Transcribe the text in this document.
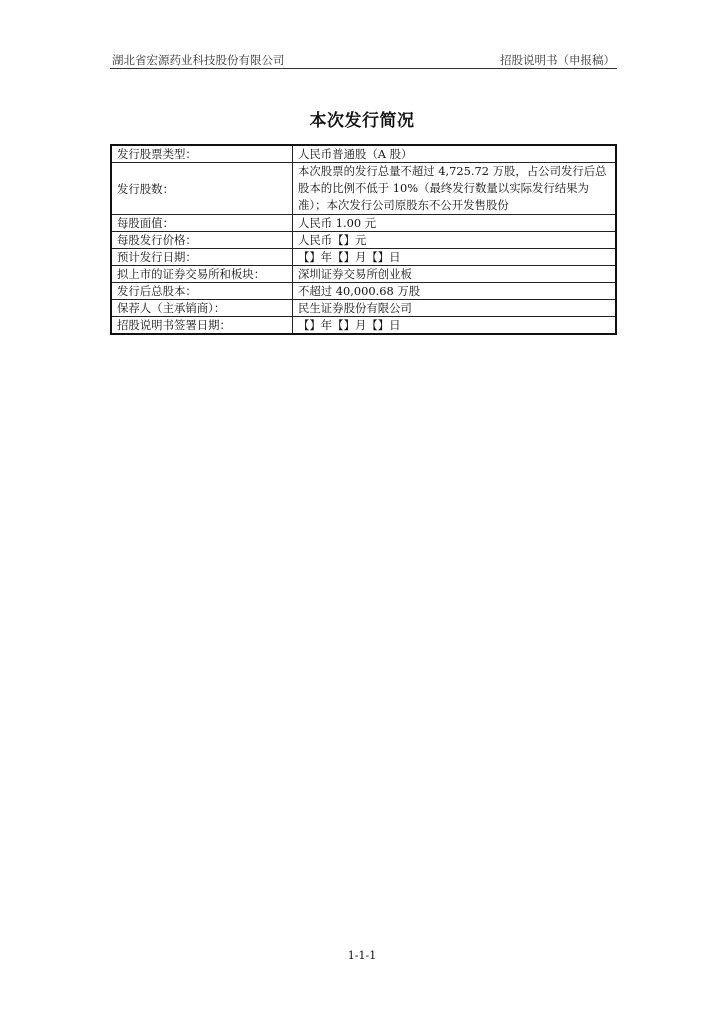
湖北省宏源药业科技股份有限公司	招股说明书（申报稿）
本次发行简况
发行股票类型：	人民币普通股（A 股）
发行股数：	本次股票的发行总量不超过 4,725.72 万股，占公司发行后总股本的比例不低于 10%（最终发行数量以实际发行结果为准）；本次发行公司原股东不公开发售股份
每股面值：	人民币 1.00 元
每股发行价格：	人民币【】元
预计发行日期：	【】年【】月【】日
拟上市的证券交易所和板块：	深圳证券交易所创业板
发行后总股本：	不超过 40,000.68 万股
保荐人（主承销商）：	民生证券股份有限公司
招股说明书签署日期：	【】年【】月【】日
1-1-1
